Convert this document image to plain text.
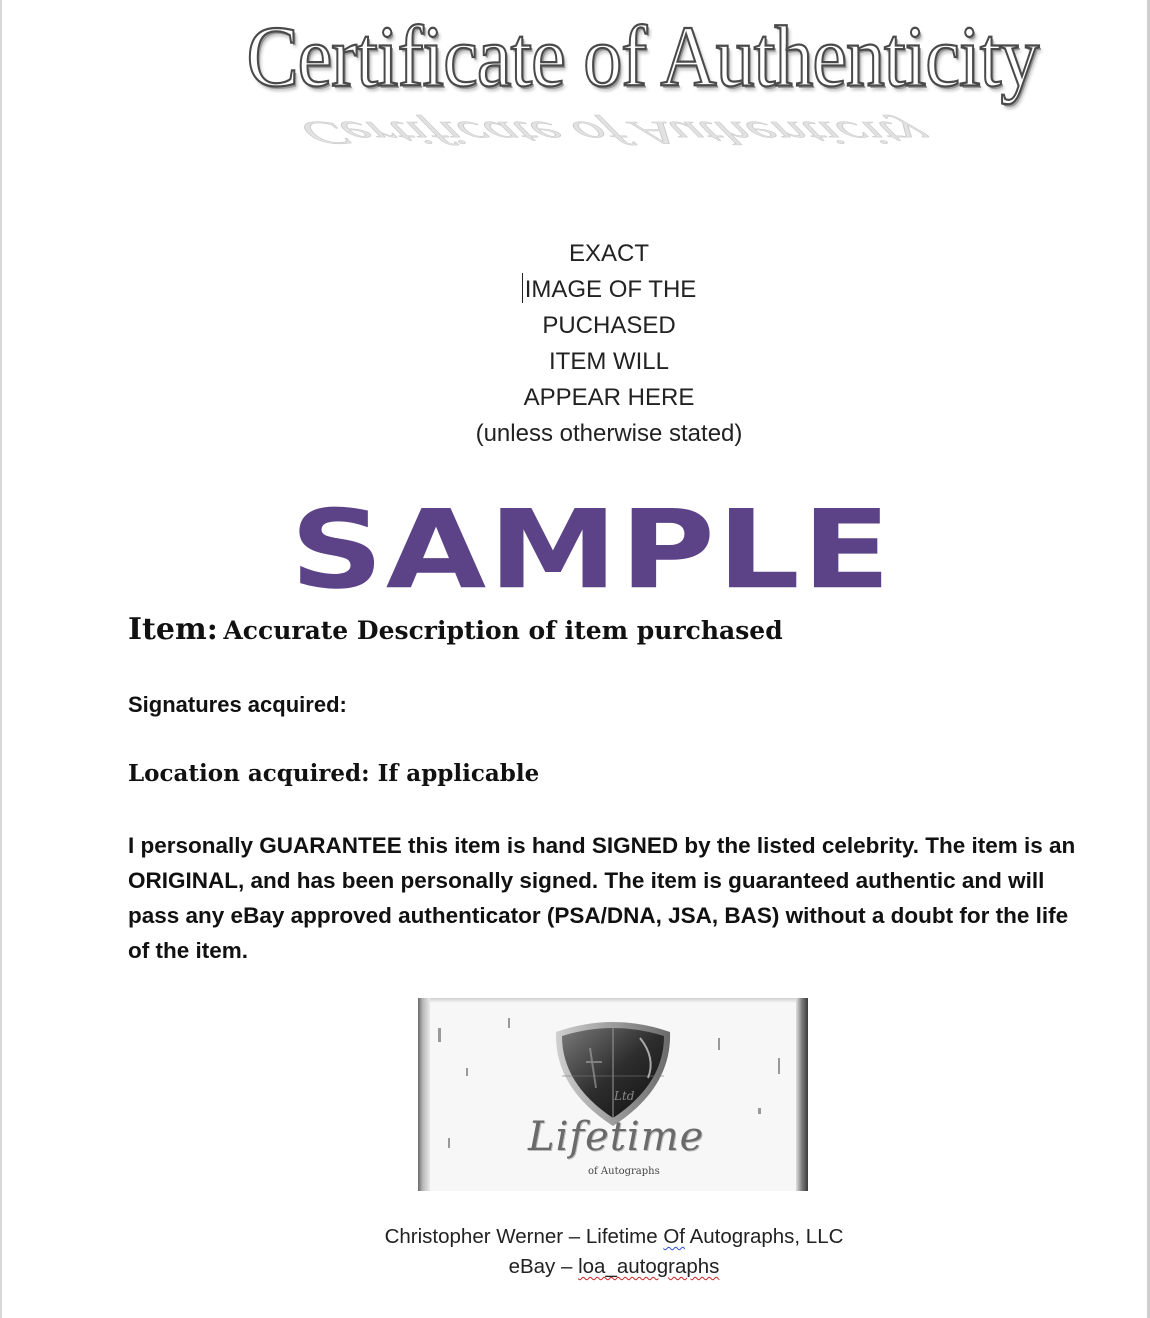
Certificate of Authenticity
Certificate of Authenticity
EXACT
IMAGE OF THE
PUCHASED
ITEM WILL
APPEAR HERE
(unless otherwise stated)
SAMPLE
Item: Accurate Description of item purchased
Signatures acquired:
Location acquired: If applicable
I personally GUARANTEE this item is hand SIGNED by the listed celebrity. The item is an ORIGINAL, and has been personally signed. The item is guaranteed authentic and will pass any eBay approved authenticator (PSA/DNA, JSA, BAS) without a doubt for the life of the item.
Ltd
Lifetime
of Autographs
Christopher Werner – Lifetime Of Autographs, LLC
eBay – loa_autographs
